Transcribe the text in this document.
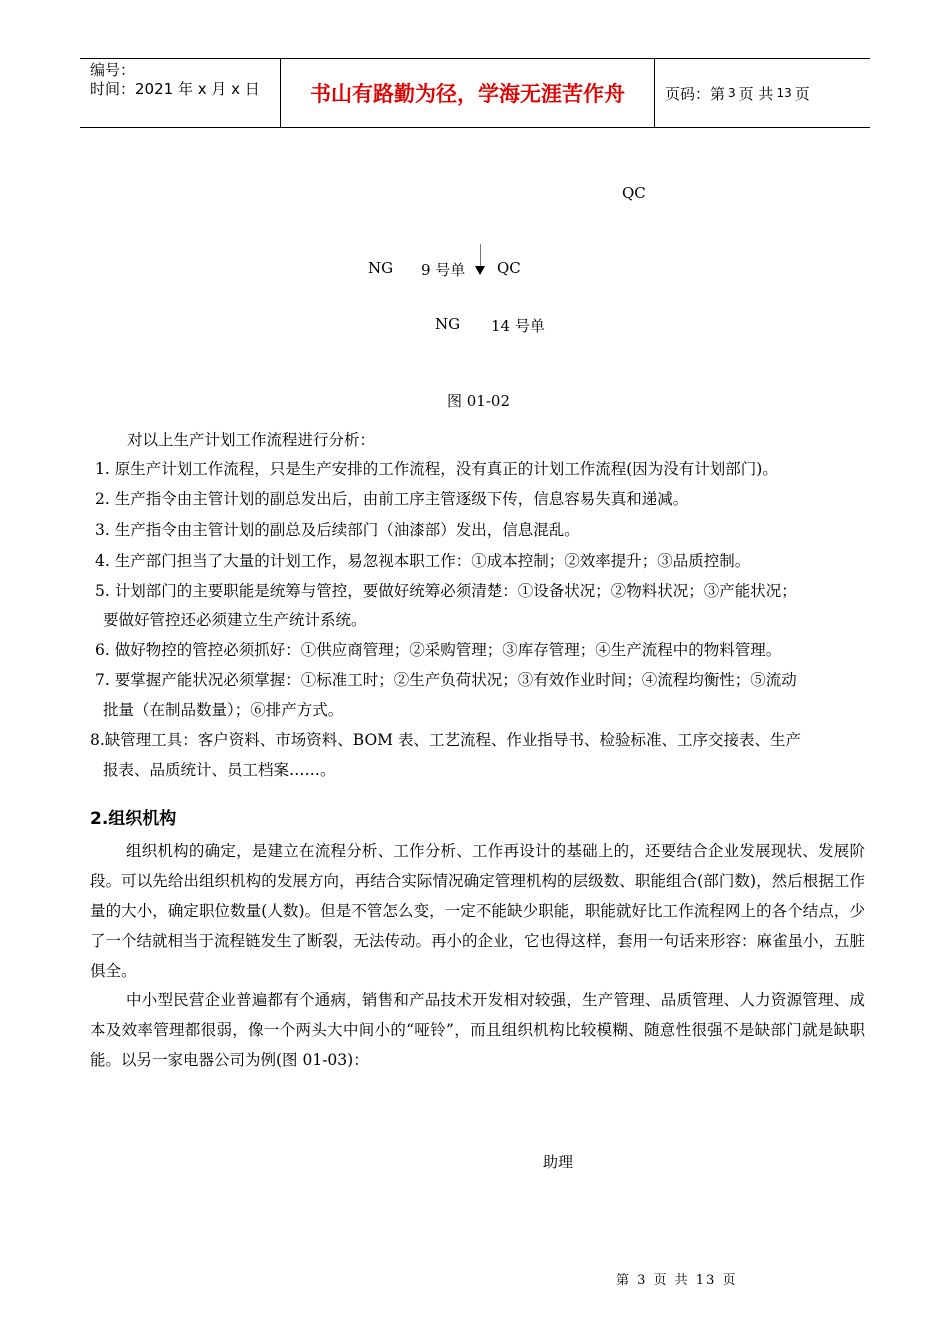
编号：
时间：2021 年 x 月 x 日	书山有路勤为径，学海无涯苦作舟	页码：第 3 页 共 13 页
QC
NG 9 号单 QC
NG 14 号单
图 01-02
对以上生产计划工作流程进行分析：
1. 原生产计划工作流程，只是生产安排的工作流程，没有真正的计划工作流程(因为没有计划部门)。
2. 生产指令由主管计划的副总发出后，由前工序主管逐级下传，信息容易失真和递减。
3. 生产指令由主管计划的副总及后续部门（油漆部）发出，信息混乱。
4. 生产部门担当了大量的计划工作，易忽视本职工作：①成本控制；②效率提升；③品质控制。
5. 计划部门的主要职能是统筹与管控，要做好统筹必须清楚：①设备状况；②物料状况；③产能状况；
要做好管控还必须建立生产统计系统。
6. 做好物控的管控必须抓好：①供应商管理；②采购管理；③库存管理；④生产流程中的物料管理。
7. 要掌握产能状况必须掌握：①标准工时；②生产负荷状况；③有效作业时间；④流程均衡性；⑤流动
批量（在制品数量）；⑥排产方式。
8.缺管理工具：客户资料、市场资料、BOM 表、工艺流程、作业指导书、检验标准、工序交接表、生产
报表、品质统计、员工档案……。
2.组织机构
组织机构的确定，是建立在流程分析、工作分析、工作再设计的基础上的，还要结合企业发展现状、发展阶段。可以先给出组织机构的发展方向，再结合实际情况确定管理机构的层级数、职能组合(部门数)，然后根据工作量的大小，确定职位数量(人数)。但是不管怎么变，一定不能缺少职能，职能就好比工作流程网上的各个结点，少了一个结就相当于流程链发生了断裂，无法传动。再小的企业，它也得这样，套用一句话来形容：麻雀虽小，五脏俱全。
中小型民营企业普遍都有个通病，销售和产品技术开发相对较强，生产管理、品质管理、人力资源管理、成本及效率管理都很弱，像一个两头大中间小的“哑铃”，而且组织机构比较模糊、随意性很强不是缺部门就是缺职能。以另一家电器公司为例(图 01-03)：
助理
第 3 页 共 13 页
